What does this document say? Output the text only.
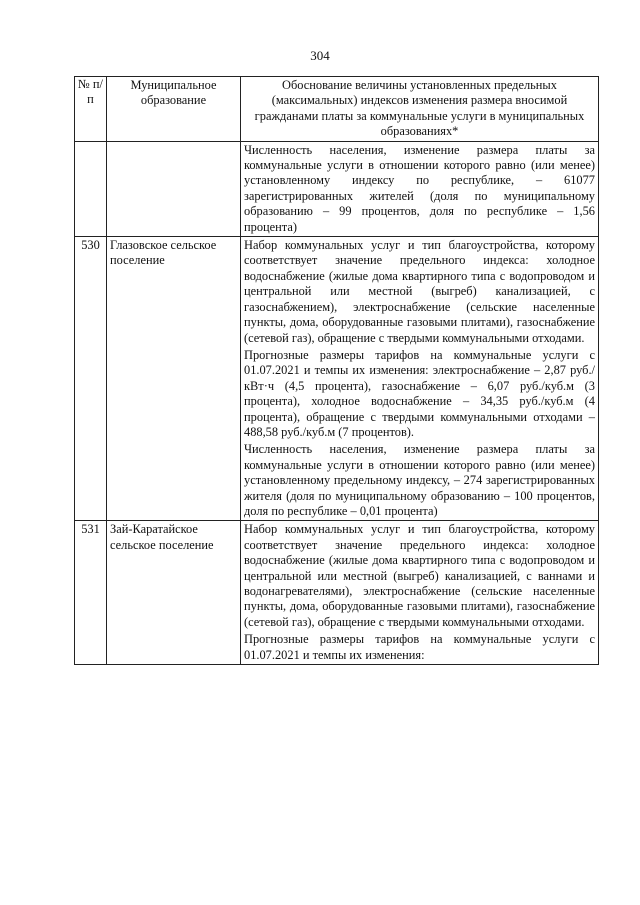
304
№ п/п	Муниципальное образование	Обоснование величины установленных предельных (максимальных) индексов изменения размера вносимой гражданами платы за коммунальные услуги в муниципальных образованиях*

		Численность населения, изменение размера платы за коммунальные услуги в отношении которого равно (или менее) установленному индексу по республике, – 61077 зарегистрированных жителей (доля по муниципальному образованию – 99 процентов, доля по республике – 1,56 процента)

530	Глазовское сельское поселение	Набор коммунальных услуг и тип благоустройства, которому соответствует значение предельного индекса: холодное водоснабжение (жилые дома квартирного типа с водопроводом и центральной или местной (выгреб) канализацией, с газоснабжением), электроснабжение (сельские населенные пункты, дома, оборудованные газовыми плитами), газоснабжение (сетевой газ), обращение с твердыми коммунальными отходами.

Прогнозные размеры тарифов на коммунальные услуги с 01.07.2021 и темпы их изменения: электроснабжение – 2,87 руб./кВт·ч (4,5 процента), газоснабжение – 6,07 руб./куб.м (3 процента), холодное водоснабжение – 34,35 руб./куб.м (4 процента), обращение с твердыми коммунальными отходами – 488,58 руб./куб.м (7 процентов).

Численность населения, изменение размера платы за коммунальные услуги в отношении которого равно (или менее) установленному предельному индексу, – 274 зарегистрированных жителя (доля по муниципальному образованию – 100 процентов, доля по республике – 0,01 процента)

531	Зай-Каратайское сельское поселение	Набор коммунальных услуг и тип благоустройства, которому соответствует значение предельного индекса: холодное водоснабжение (жилые дома квартирного типа с водопроводом и центральной или местной (выгреб) канализацией, с ваннами и водонагревателями), электроснабжение (сельские населенные пункты, дома, оборудованные газовыми плитами), газоснабжение (сетевой газ), обращение с твердыми коммунальными отходами.

Прогнозные размеры тарифов на коммунальные услуги с 01.07.2021 и темпы их изменения:
